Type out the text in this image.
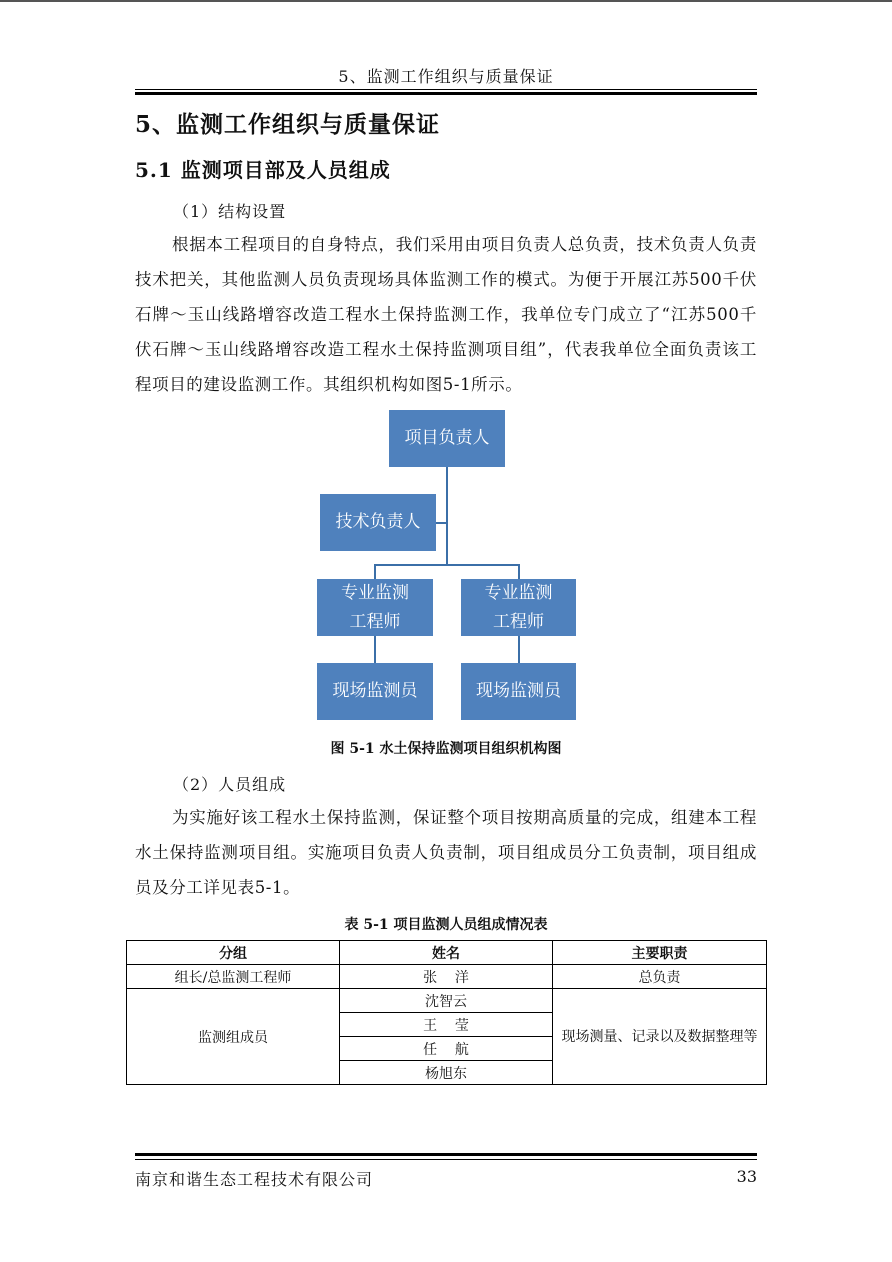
5、监测工作组织与质量保证
5、监测工作组织与质量保证
5.1 监测项目部及人员组成
（1）结构设置

根据本工程项目的自身特点，我们采用由项目负责人总负责，技术负责人负责技术把关，其他监测人员负责现场具体监测工作的模式。为便于开展江苏500千伏石牌～玉山线路增容改造工程水土保持监测工作，我单位专门成立了“江苏500千伏石牌～玉山线路增容改造工程水土保持监测项目组”，代表我单位全面负责该工程项目的建设监测工作。其组织机构如图5-1所示。

项目负责人
技术负责人
专业监测
工程师
专业监测
工程师
现场监测员	现场监测员
图 5-1 水土保持监测项目组织机构图
（2）人员组成

为实施好该工程水土保持监测，保证整个项目按期高质量的完成，组建本工程水土保持监测项目组。实施项目负责人负责制，项目组成员分工负责制，项目组成员及分工详见表5-1。

表 5-1 项目监测人员组成情况表
分组	姓名	主要职责
组长/总监测工程师	张    洋	总负责
监测组成员	沈智云	现场测量、记录以及数据整理等
	王    莹	
	任    航	
	杨旭东	
南京和谐生态工程技术有限公司	33
